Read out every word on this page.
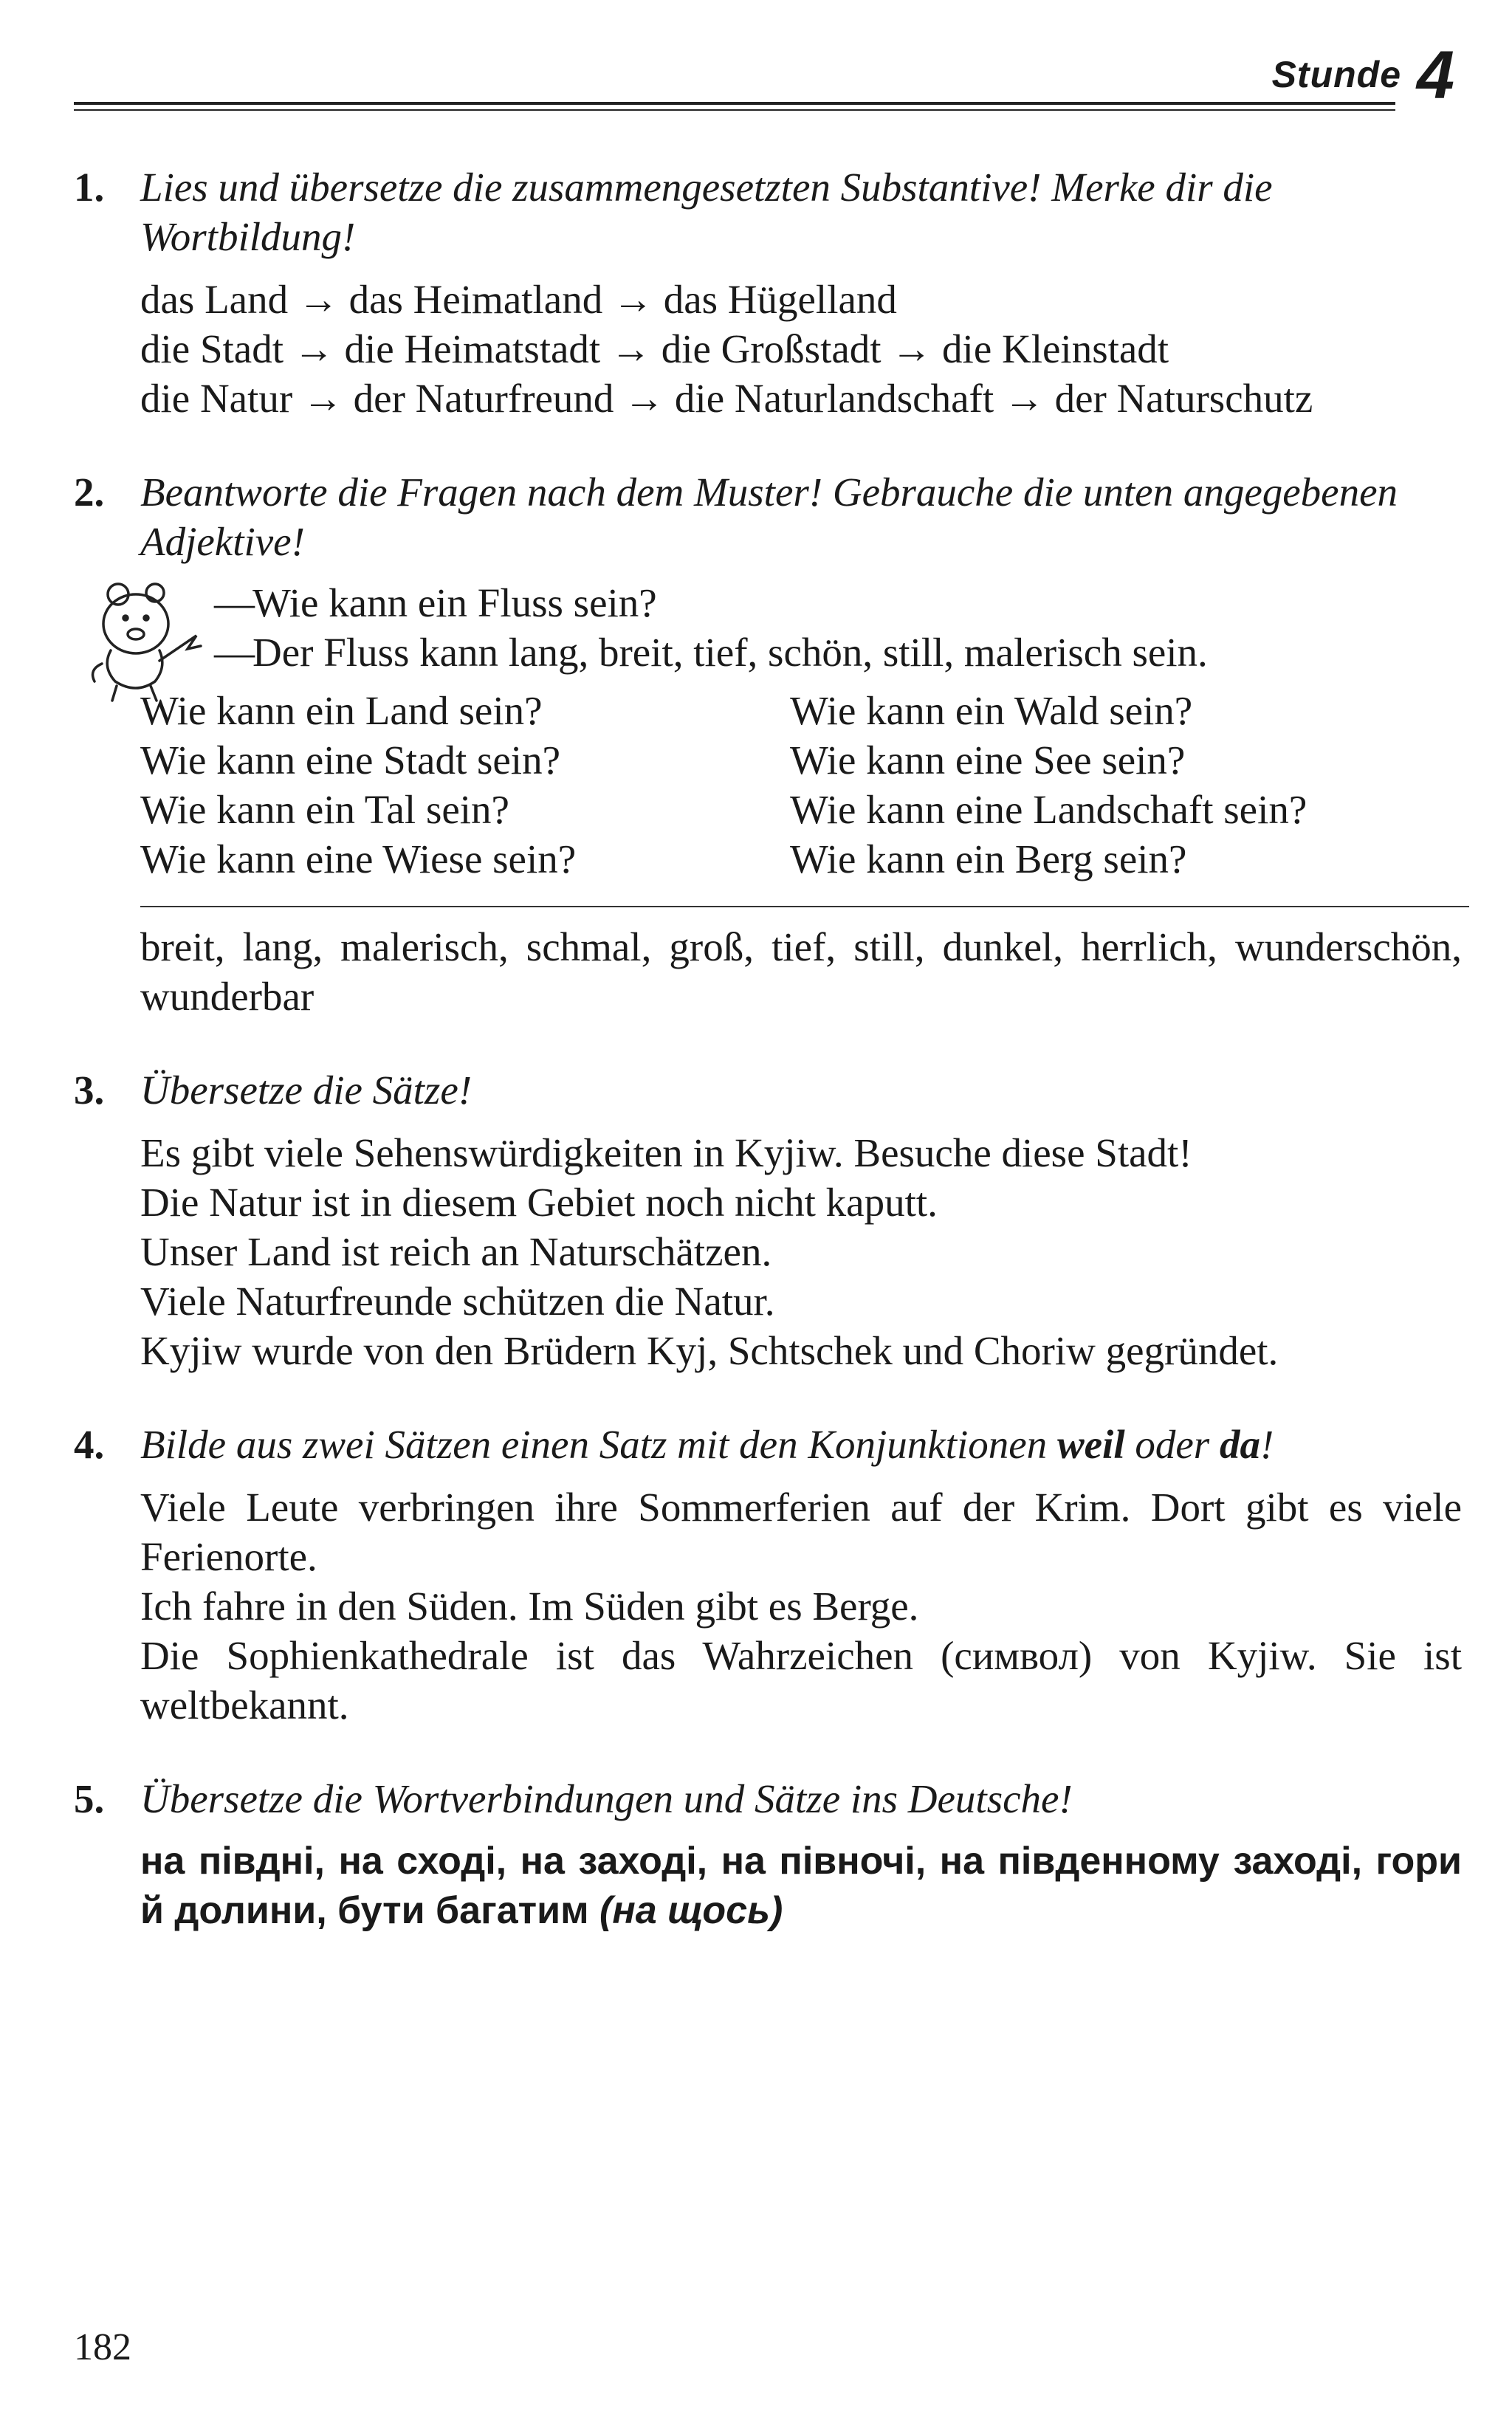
Stunde 4
1. Lies und übersetze die zusammengesetzten Substantive! Merke dir die Wortbildung!
das Land → das Heimatland → das Hügelland
die Stadt → die Heimatstadt → die Großstadt → die Kleinstadt
die Natur → der Naturfreund → die Naturlandschaft → der Naturschutz
2. Beantworte die Fragen nach dem Muster! Gebrauche die unten angegebenen Adjektive!
—
Wie kann ein Fluss sein?
—
Der Fluss kann lang, breit, tief, schön, still, malerisch sein.
Wie kann ein Land sein?	Wie kann ein Wald sein?
Wie kann eine Stadt sein?	Wie kann eine See sein?
Wie kann ein Tal sein?	Wie kann eine Landschaft sein?
Wie kann eine Wiese sein?	Wie kann ein Berg sein?
breit, lang, malerisch, schmal, groß, tief, still, dunkel, herrlich, wunderschön, wunderbar
3. Übersetze die Sätze!
Es gibt viele Sehenswürdigkeiten in Kyjiw. Besuche diese Stadt!
Die Natur ist in diesem Gebiet noch nicht kaputt.
Unser Land ist reich an Naturschätzen.
Viele Naturfreunde schützen die Natur.
Kyjiw wurde von den Brüdern Kyj, Schtschek und Choriw gegründet.
4. Bilde aus zwei Sätzen einen Satz mit den Konjunktionen weil oder da!
Viele Leute verbringen ihre Sommerferien auf der Krim. Dort gibt es viele Ferienorte.
Ich fahre in den Süden. Im Süden gibt es Berge.
Die Sophienkathedrale ist das Wahrzeichen (символ) von Kyjiw. Sie ist weltbekannt.
5. Übersetze die Wortverbindungen und Sätze ins Deutsche!
на півдні, на сході, на заході, на півночі, на південному заході, гори й долини, бути багатим (на щось)
182
